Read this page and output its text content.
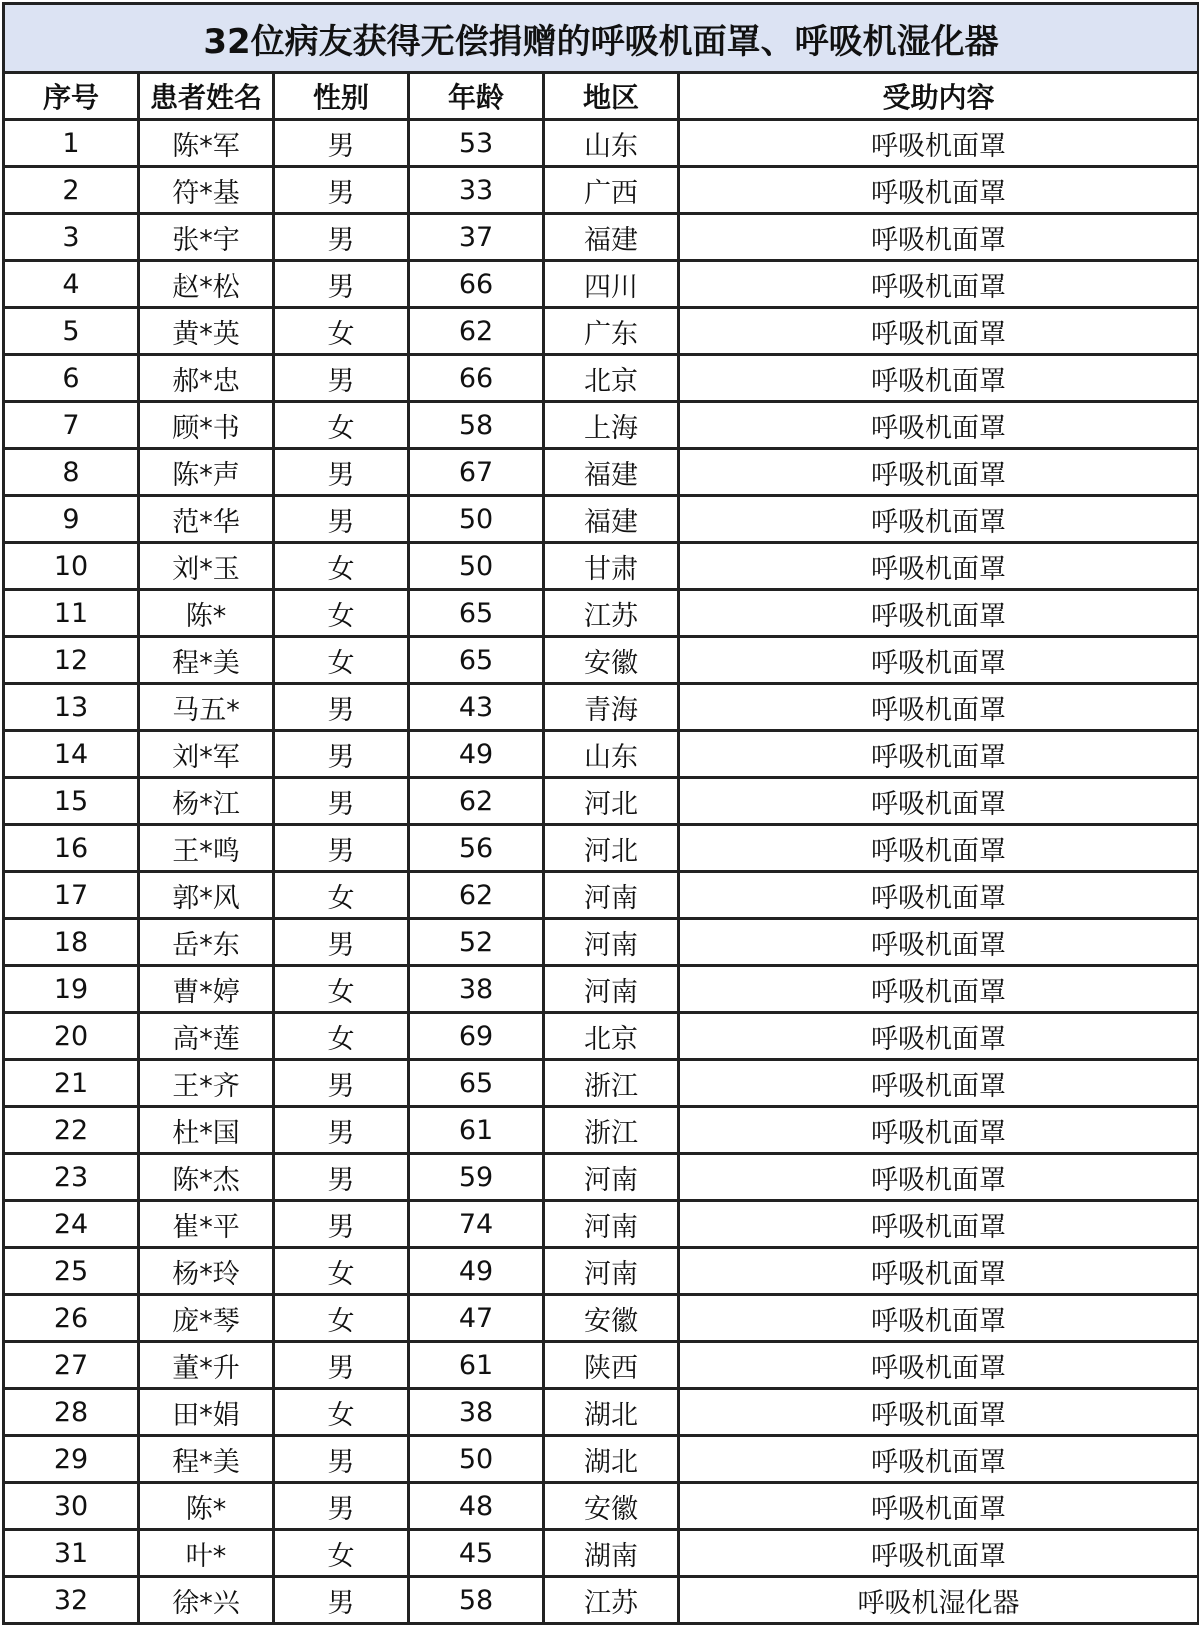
32位病友获得无偿捐赠的呼吸机面罩、呼吸机湿化器					
序号	患者姓名	性别	年龄	地区	受助内容
1	陈*军	男	53	山东	呼吸机面罩
2	符*基	男	33	广西	呼吸机面罩
3	张*宇	男	37	福建	呼吸机面罩
4	赵*松	男	66	四川	呼吸机面罩
5	黄*英	女	62	广东	呼吸机面罩
6	郝*忠	男	66	北京	呼吸机面罩
7	顾*书	女	58	上海	呼吸机面罩
8	陈*声	男	67	福建	呼吸机面罩
9	范*华	男	50	福建	呼吸机面罩
10	刘*玉	女	50	甘肃	呼吸机面罩
11	陈*	女	65	江苏	呼吸机面罩
12	程*美	女	65	安徽	呼吸机面罩
13	马五*	男	43	青海	呼吸机面罩
14	刘*军	男	49	山东	呼吸机面罩
15	杨*江	男	62	河北	呼吸机面罩
16	王*鸣	男	56	河北	呼吸机面罩
17	郭*风	女	62	河南	呼吸机面罩
18	岳*东	男	52	河南	呼吸机面罩
19	曹*婷	女	38	河南	呼吸机面罩
20	高*莲	女	69	北京	呼吸机面罩
21	王*齐	男	65	浙江	呼吸机面罩
22	杜*国	男	61	浙江	呼吸机面罩
23	陈*杰	男	59	河南	呼吸机面罩
24	崔*平	男	74	河南	呼吸机面罩
25	杨*玲	女	49	河南	呼吸机面罩
26	庞*琴	女	47	安徽	呼吸机面罩
27	董*升	男	61	陕西	呼吸机面罩
28	田*娟	女	38	湖北	呼吸机面罩
29	程*美	男	50	湖北	呼吸机面罩
30	陈*	男	48	安徽	呼吸机面罩
31	叶*	女	45	湖南	呼吸机面罩
32	徐*兴	男	58	江苏	呼吸机湿化器
